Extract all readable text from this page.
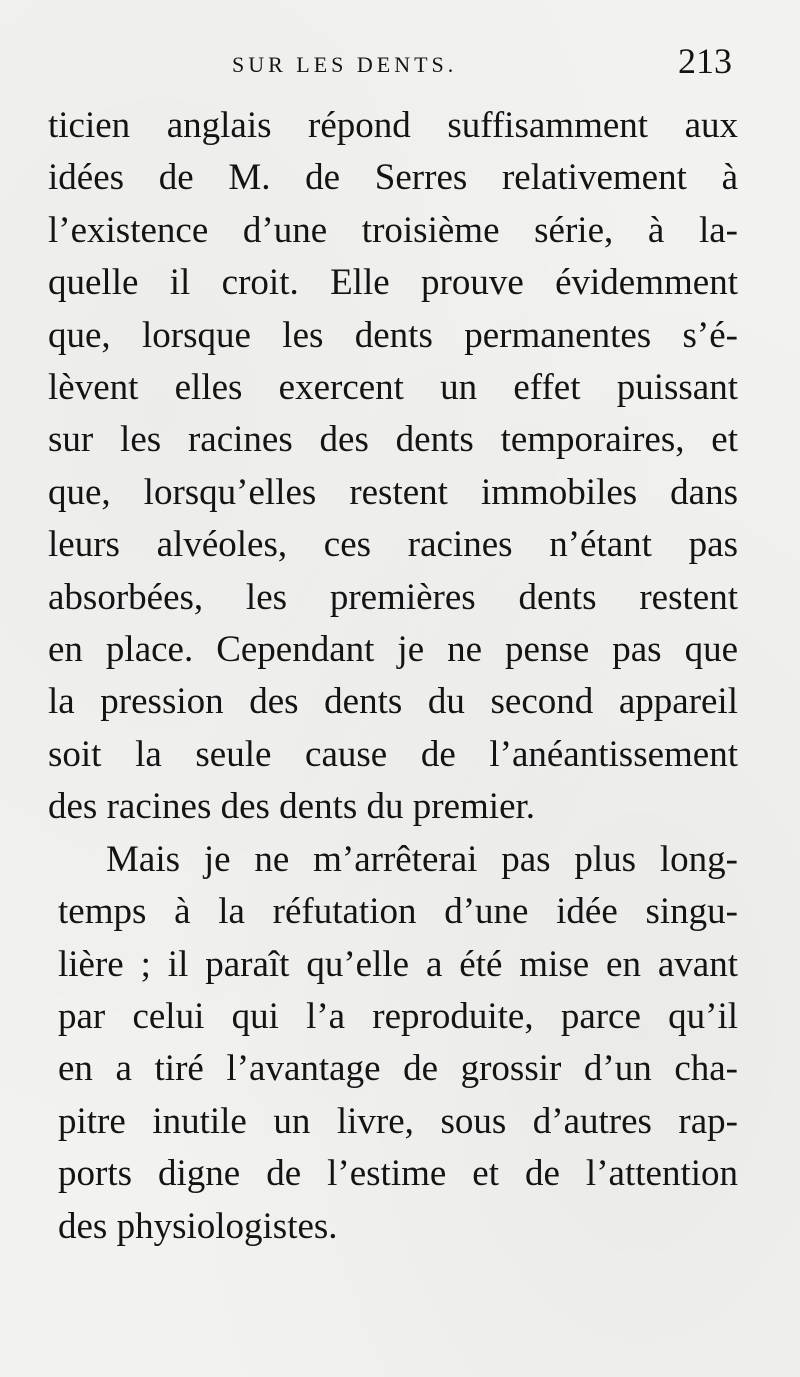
SUR LES DENTS.	213
ticien anglais répond suffisamment aux
idées de M. de Serres relativement à
l’existence d’une troisième série, à la-
quelle il croit. Elle prouve évidemment
que, lorsque les dents permanentes s’é-
lèvent elles exercent un effet puissant
sur les racines des dents temporaires, et
que, lorsqu’elles restent immobiles dans
leurs alvéoles, ces racines n’étant pas
absorbées, les premières dents restent
en place. Cependant je ne pense pas que
la pression des dents du second appareil
soit la seule cause de l’anéantissement
des racines des dents du premier.
Mais je ne m’arrêterai pas plus long-
temps à la réfutation d’une idée singu-
lière ; il paraît qu’elle a été mise en avant
par celui qui l’a reproduite, parce qu’il
en a tiré l’avantage de grossir d’un cha-
pitre inutile un livre, sous d’autres rap-
ports digne de l’estime et de l’attention
des physiologistes.
